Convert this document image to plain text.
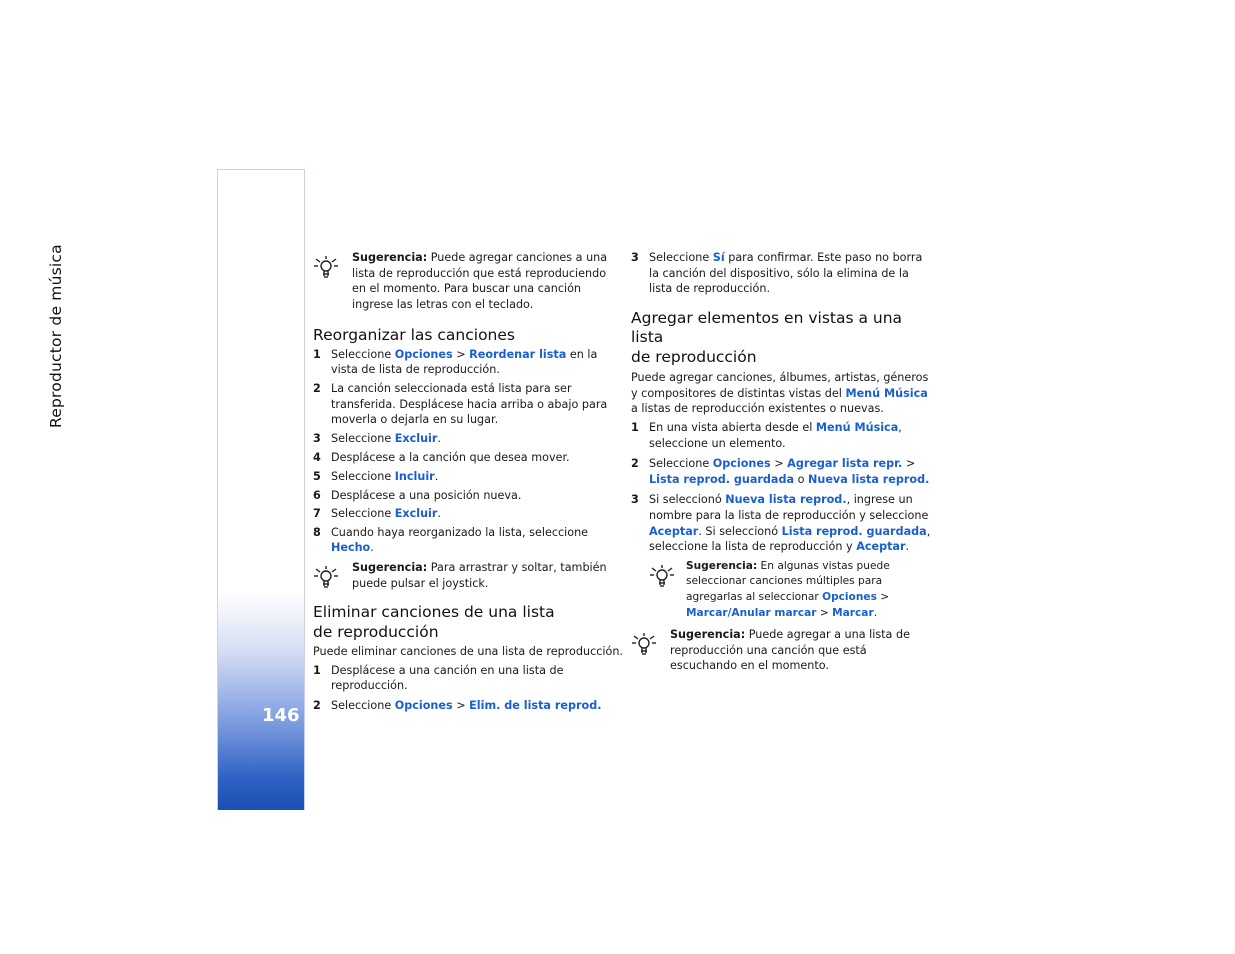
Reproductor de música
146

Sugerencia: Puede agregar canciones a una lista de reproducción que está reproduciendo en el momento. Para buscar una canción ingrese las letras con el teclado.

Reorganizar las canciones
1 Seleccione Opciones > Reordenar lista en la vista de lista de reproducción.
2 La canción seleccionada está lista para ser transferida. Desplácese hacia arriba o abajo para moverla o dejarla en su lugar.
3 Seleccione Excluir.
4 Desplácese a la canción que desea mover.
5 Seleccione Incluir.
6 Desplácese a una posición nueva.
7 Seleccione Excluir.
8 Cuando haya reorganizado la lista, seleccione Hecho.

Sugerencia: Para arrastrar y soltar, también puede pulsar el joystick.

Eliminar canciones de una lista
de reproducción

Puede eliminar canciones de una lista de reproducción.

1 Desplácese a una canción en una lista de reproducción.
2 Seleccione Opciones > Elim. de lista reprod.
3 Seleccione Sí para confirmar. Este paso no borra la canción del dispositivo, sólo la elimina de la lista de reproducción.
Agregar elementos en vistas a una lista
de reproducción

Puede agregar canciones, álbumes, artistas, géneros y compositores de distintas vistas del Menú Música a listas de reproducción existentes o nuevas.

1 En una vista abierta desde el Menú Música, seleccione un elemento.
2 Seleccione Opciones > Agregar lista repr. > Lista reprod. guardada o Nueva lista reprod.
3 Si seleccionó Nueva lista reprod., ingrese un nombre para la lista de reproducción y seleccione Aceptar. Si seleccionó Lista reprod. guardada, seleccione la lista de reproducción y Aceptar.

Sugerencia: En algunas vistas puede seleccionar canciones múltiples para agregarlas al seleccionar Opciones > Marcar/Anular marcar > Marcar.

Sugerencia: Puede agregar a una lista de reproducción una canción que está escuchando en el momento.
